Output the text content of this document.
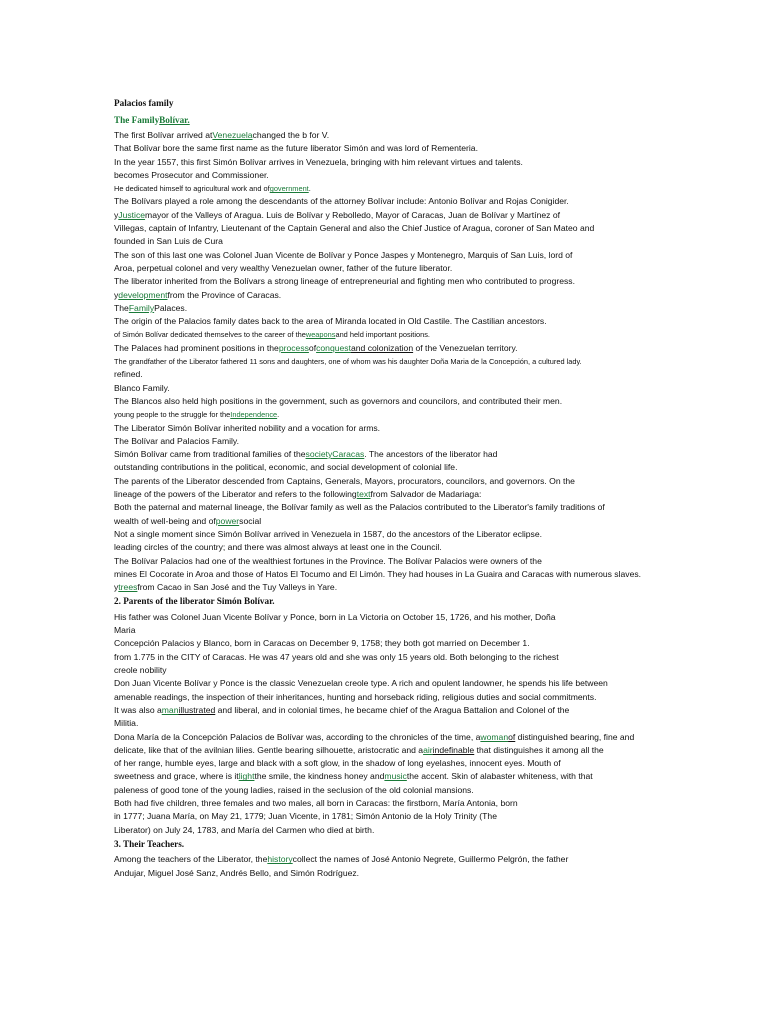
Palacios family
The FamilyBolívar.
The first Bolívar arrived atVenezuelachanged the b for V.
That Bolívar bore the same first name as the future liberator Simón and was lord of Rementeria.
In the year 1557, this first Simón Bolívar arrives in Venezuela, bringing with him relevant virtues and talents.
becomes Prosecutor and Commissioner.
He dedicated himself to agricultural work and ofgovernment.
The Bolívars played a role among the descendants of the attorney Bolívar include: Antonio Bolívar and Rojas Conigider.
yJusticemayor of the Valleys of Aragua. Luis de Bolívar y Rebolledo, Mayor of Caracas, Juan de Bolívar y Martínez of
Villegas, captain of Infantry, Lieutenant of the Captain General and also the Chief Justice of Aragua, coroner of San Mateo and
founded in San Luis de Cura
The son of this last one was Colonel Juan Vicente de Bolívar y Ponce Jaspes y Montenegro, Marquis of San Luis, lord of
Aroa, perpetual colonel and very wealthy Venezuelan owner, father of the future liberator.
The liberator inherited from the Bolívars a strong lineage of entrepreneurial and fighting men who contributed to progress.
ydevelopmentfrom the Province of Caracas.
TheFamilyPalaces.
The origin of the Palacios family dates back to the area of Miranda located in Old Castile. The Castilian ancestors.
of Simón Bolívar dedicated themselves to the career of theweaponsand held important positions.
The Palaces had prominent positions in theprocessofconquestand colonization of the Venezuelan territory.
The grandfather of the Liberator fathered 11 sons and daughters, one of whom was his daughter Doña Maria de la Concepción, a cultured lady.
refined.
Blanco Family.
The Blancos also held high positions in the government, such as governors and councilors, and contributed their men.
young people to the struggle for theIndependence.
The Liberator Simón Bolívar inherited nobility and a vocation for arms.
The Bolívar and Palacios Family.
Simón Bolívar came from traditional families of thesocietyCaracas. The ancestors of the liberator had
outstanding contributions in the political, economic, and social development of colonial life.
The parents of the Liberator descended from Captains, Generals, Mayors, procurators, councilors, and governors. On the
lineage of the powers of the Liberator and refers to the followingtextfrom Salvador de Madariaga:
Both the paternal and maternal lineage, the Bolívar family as well as the Palacios contributed to the Liberator's family traditions of
wealth of well-being and ofpowersocial
Not a single moment since Simón Bolívar arrived in Venezuela in 1587, do the ancestors of the Liberator eclipse.
leading circles of the country; and there was almost always at least one in the Council.
The Bolívar Palacios had one of the wealthiest fortunes in the Province. The Bolívar Palacios were owners of the
mines El Cocorate in Aroa and those of Hatos El Tocumo and El Limón. They had houses in La Guaira and Caracas with numerous slaves.
ytreesfrom Cacao in San José and the Tuy Valleys in Yare.
2. Parents of the liberator Simón Bolívar.
His father was Colonel Juan Vicente Bolívar y Ponce, born in La Victoria on October 15, 1726, and his mother, Doña
Maria
Concepción Palacios y Blanco, born in Caracas on December 9, 1758; they both got married on December 1.
from 1.775 in the CITY of Caracas. He was 47 years old and she was only 15 years old. Both belonging to the richest
creole nobility
Don Juan Vicente Bolívar y Ponce is the classic Venezuelan creole type. A rich and opulent landowner, he spends his life between
amenable readings, the inspection of their inheritances, hunting and horseback riding, religious duties and social commitments.
It was also amanillustrated and liberal, and in colonial times, he became chief of the Aragua Battalion and Colonel of the
Militia.
Dona María de la Concepción Palacios de Bolívar was, according to the chronicles of the time, awomanof distinguished bearing, fine and
delicate, like that of the avilnian lilies. Gentle bearing silhouette, aristocratic and aairindefinable that distinguishes it among all the
of her range, humble eyes, large and black with a soft glow, in the shadow of long eyelashes, innocent eyes. Mouth of
sweetness and grace, where is itlightthe smile, the kindness honey andmusicthe accent. Skin of alabaster whiteness, with that
paleness of good tone of the young ladies, raised in the seclusion of the old colonial mansions.
Both had five children, three females and two males, all born in Caracas: the firstborn, María Antonia, born
in 1777; Juana María, on May 21, 1779; Juan Vicente, in 1781; Simón Antonio de la Holy Trinity (The
Liberator) on July 24, 1783, and María del Carmen who died at birth.
3. Their Teachers.
Among the teachers of the Liberator, thehistorycollect the names of José Antonio Negrete, Guillermo Pelgrón, the father
Andujar, Miguel José Sanz, Andrés Bello, and Simón Rodríguez.
